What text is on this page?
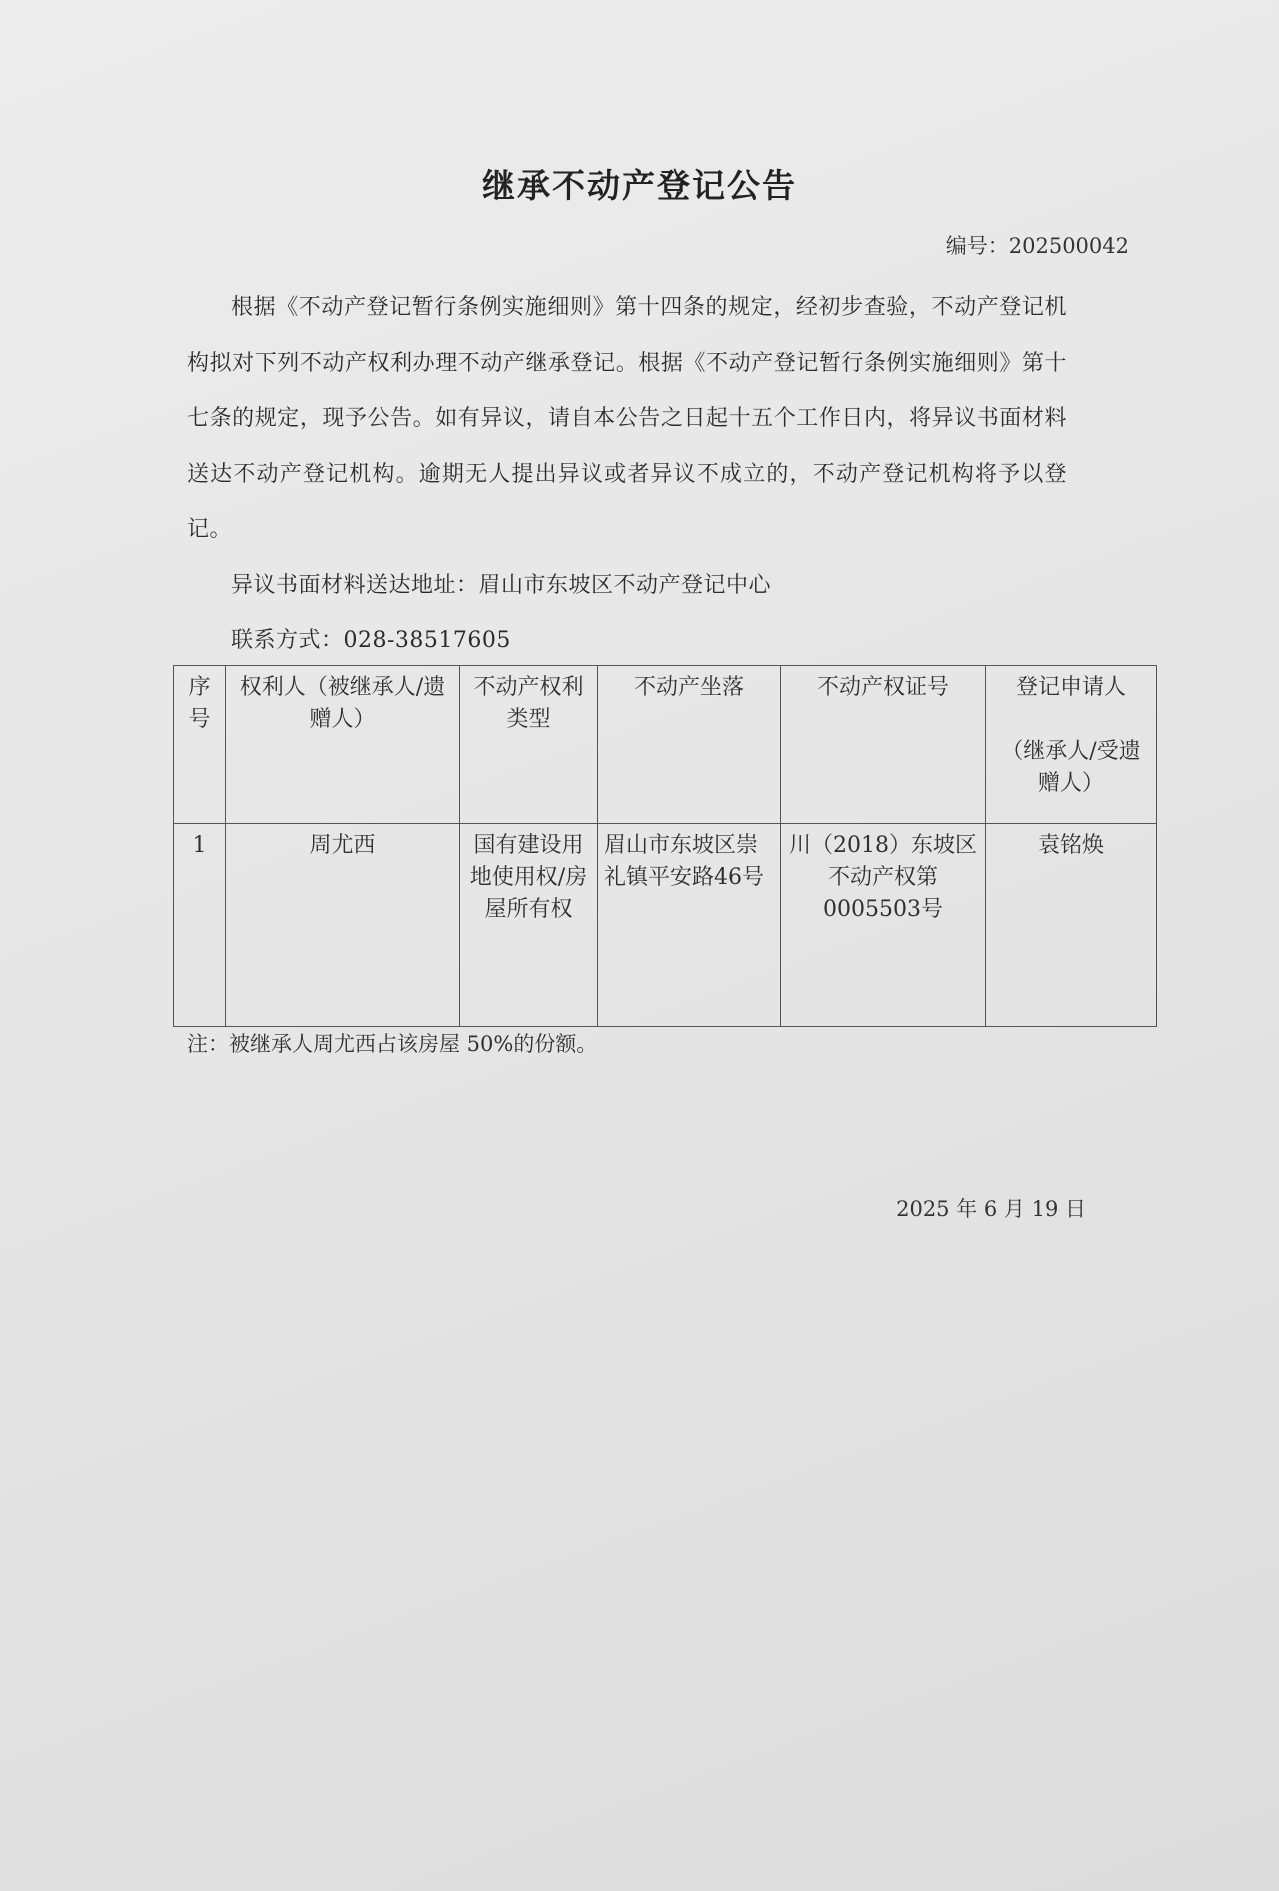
继承不动产登记公告
编号：202500042

根据《不动产登记暂行条例实施细则》第十四条的规定，经初步查验，不动产登记机构拟对下列不动产权利办理不动产继承登记。根据《不动产登记暂行条例实施细则》第十七条的规定，现予公告。如有异议，请自本公告之日起十五个工作日内，将异议书面材料送达不动产登记机构。逾期无人提出异议或者异议不成立的，不动产登记机构将予以登记。

异议书面材料送达地址：眉山市东坡区不动产登记中心

联系方式：028-38517605

序号	权利人（被继承人/遗赠人）	不动产权利类型	不动产坐落	不动产权证号	登记申请人

（继承人/受遗赠人）
1	周尤西	国有建设用地使用权/房屋所有权	眉山市东坡区崇礼镇平安路46号	川（2018）东坡区不动产权第0005503号	袁铭焕
注：被继承人周尤西占该房屋 50%的份额。
2025 年 6 月 19 日
